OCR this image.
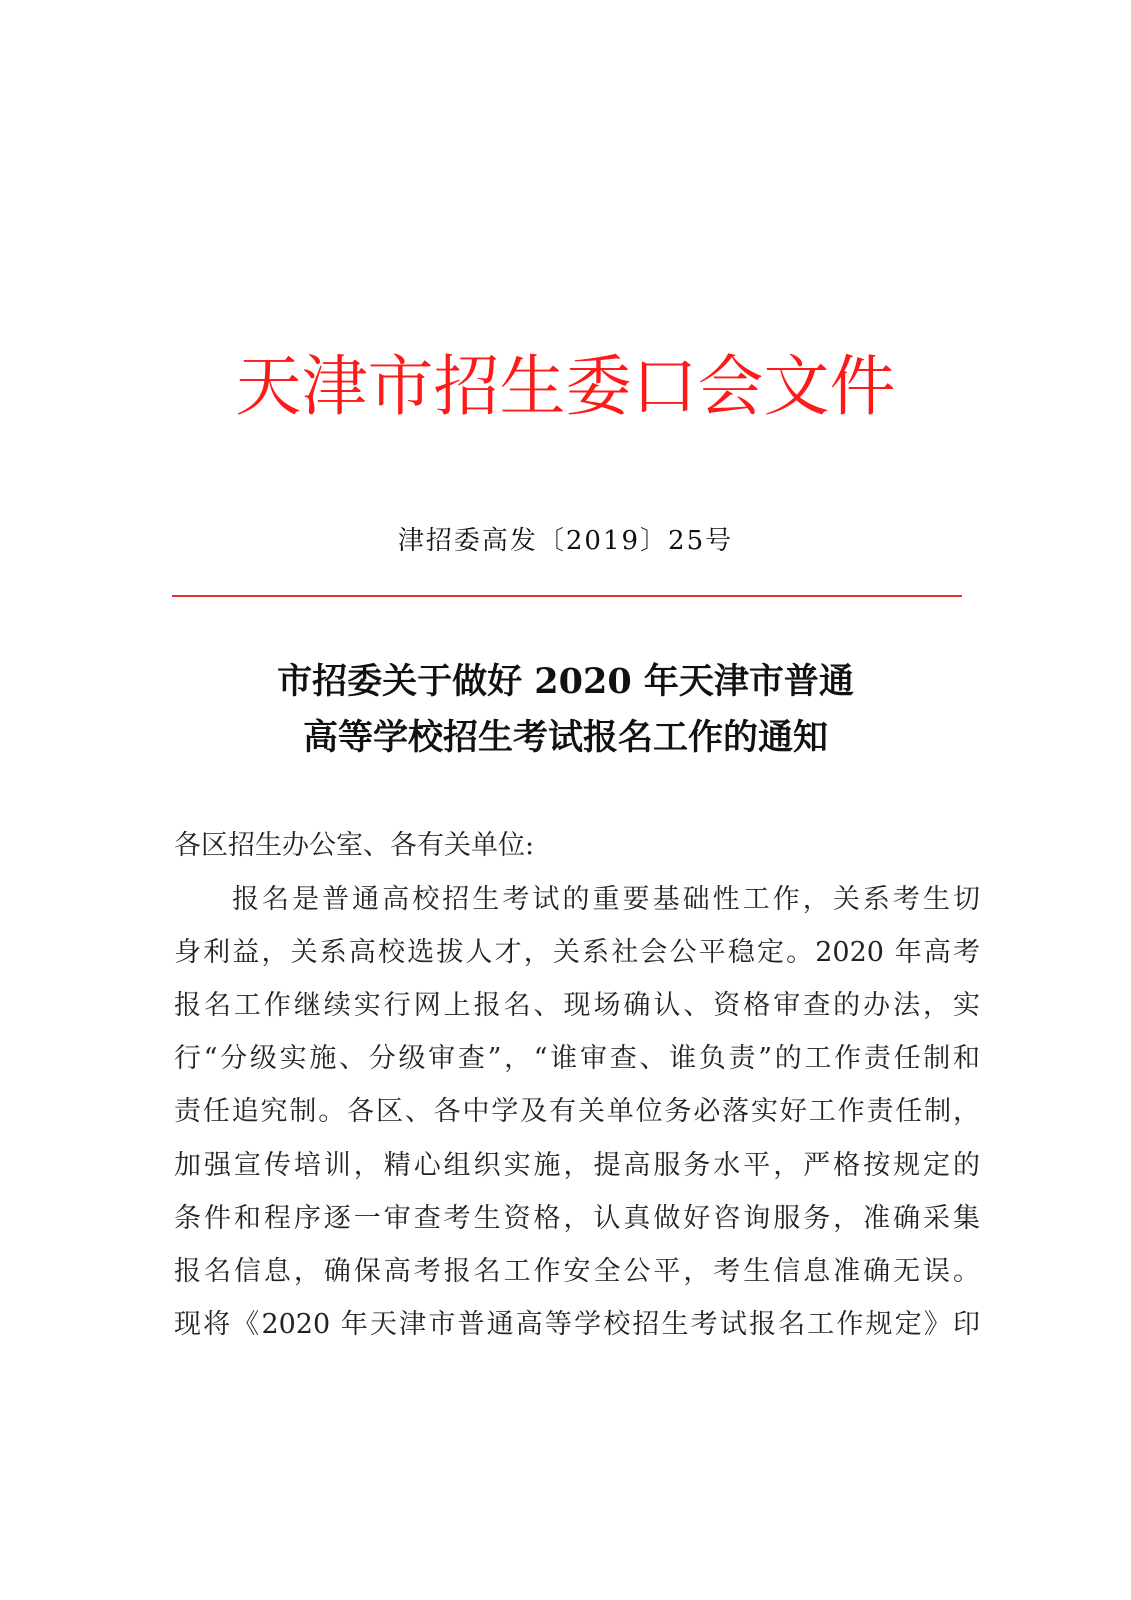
天津市招生委口会文件
津招委高发〔2019〕25号
市招委关于做好 2020 年天津市普通
高等学校招生考试报名工作的通知
各区招生办公室、各有关单位:
报名是普通高校招生考试的重要基础性工作，关系考生切
身利益，关系高校选拔人才，关系社会公平稳定。2020 年高考
报名工作继续实行网上报名、现场确认、资格审查的办法，实
行“分级实施、分级审查”，“谁审查、谁负责”的工作责任制和
责任追究制。各区、各中学及有关单位务必落实好工作责任制，
加强宣传培训，精心组织实施，提高服务水平，严格按规定的
条件和程序逐一审查考生资格，认真做好咨询服务，准确采集
报名信息，确保高考报名工作安全公平，考生信息准确无误。
现将《2020 年天津市普通高等学校招生考试报名工作规定》印
